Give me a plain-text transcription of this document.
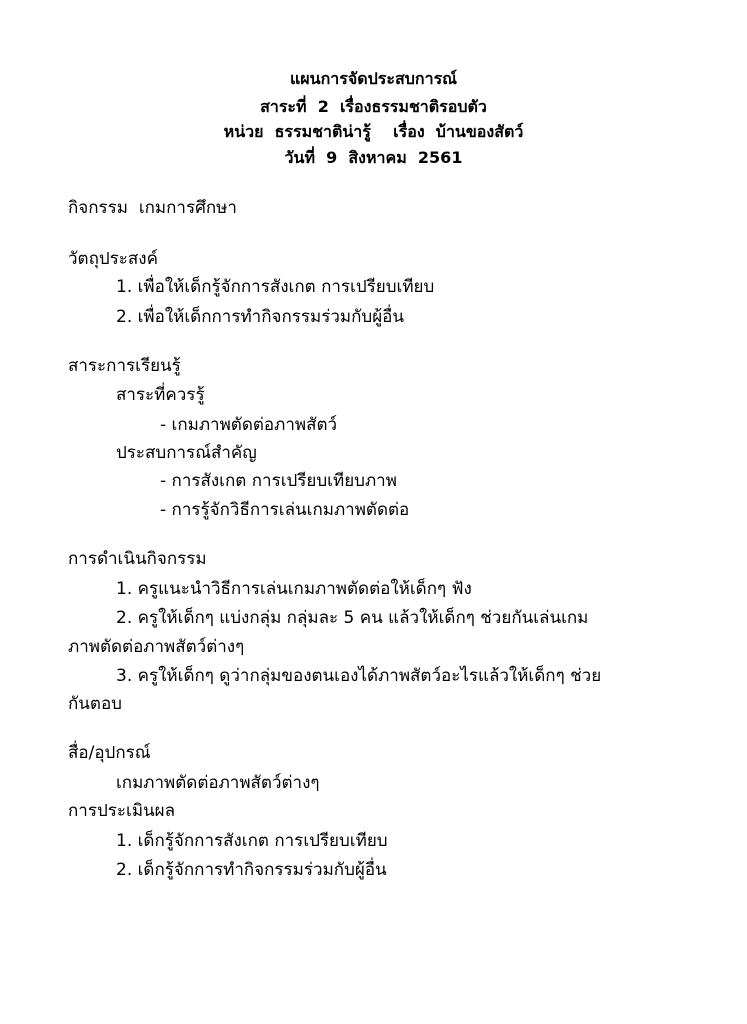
แผนการจัดประสบการณ์
สาระที่  2  เรื่องธรรมชาติรอบตัว
หน่วย  ธรรมชาติน่ารู้    เรื่อง  บ้านของสัตว์
วันที่  9  สิงหาคม  2561
กิจกรรม  เกมการศึกษา
วัตถุประสงค์
1. เพื่อให้เด็กรู้จักการสังเกต การเปรียบเทียบ
2. เพื่อให้เด็กการทำกิจกรรมร่วมกับผู้อื่น
สาระการเรียนรู้
สาระที่ควรรู้
- เกมภาพตัดต่อภาพสัตว์
ประสบการณ์สำคัญ
- การสังเกต การเปรียบเทียบภาพ
- การรู้จักวิธีการเล่นเกมภาพตัดต่อ
การดำเนินกิจกรรม
1. ครูแนะนำวิธีการเล่นเกมภาพตัดต่อให้เด็กๆ ฟัง
2. ครูให้เด็กๆ แบ่งกลุ่ม กลุ่มละ 5 คน แล้วให้เด็กๆ ช่วยกันเล่นเกม
ภาพตัดต่อภาพสัตว์ต่างๆ
3. ครูให้เด็กๆ ดูว่ากลุ่มของตนเองได้ภาพสัตว์อะไรแล้วให้เด็กๆ ช่วย
กันตอบ
สื่อ/อุปกรณ์
เกมภาพตัดต่อภาพสัตว์ต่างๆ
การประเมินผล
1. เด็กรู้จักการสังเกต การเปรียบเทียบ
2. เด็กรู้จักการทำกิจกรรมร่วมกับผู้อื่น
